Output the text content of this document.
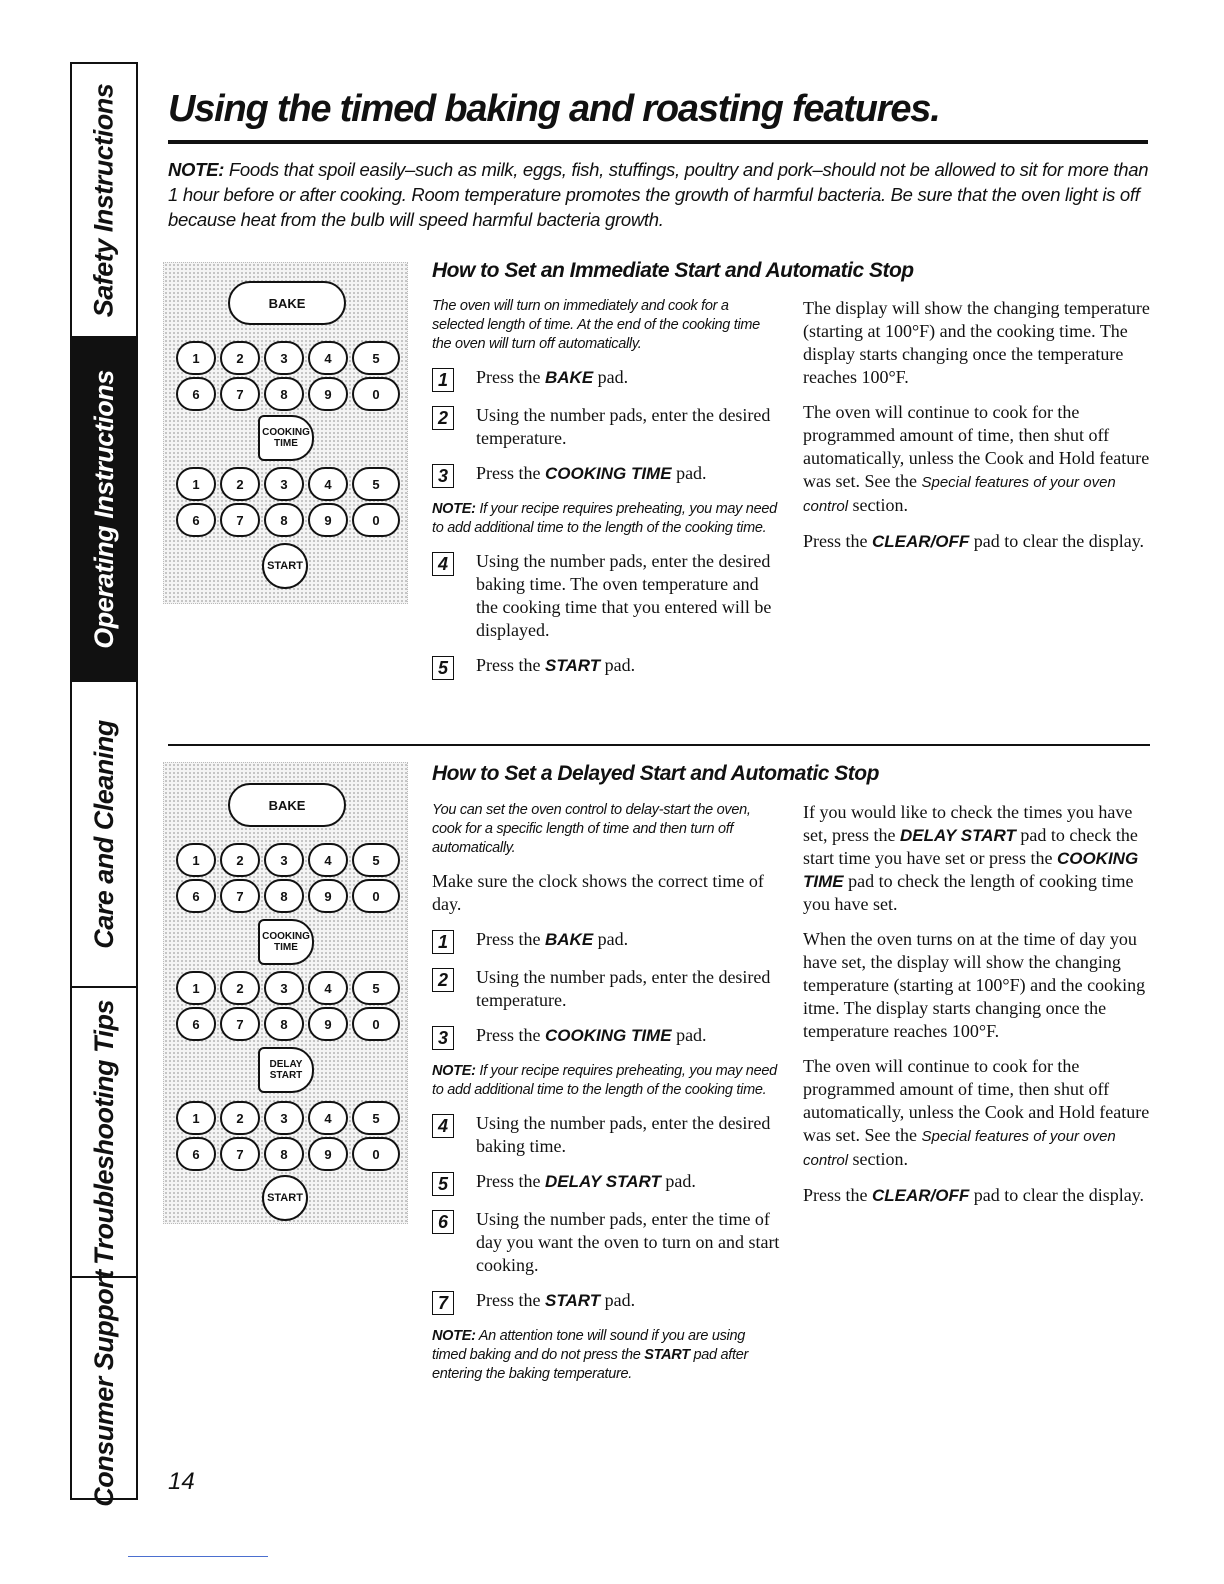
Safety Instructions
Operating Instructions
Care and Cleaning
Troubleshooting Tips
Consumer Support
Using the timed baking and roasting features.
NOTE: Foods that spoil easily–such as milk, eggs, fish, stuffings, poultry and pork–should not be allowed to sit for more than 1 hour before or after cooking. Room temperature promotes the growth of harmful bacteria. Be sure that the oven light is off because heat from the bulb will speed harmful bacteria growth.
BAKE
1	2	3	4	5
6	7	8	9	0
COOKING
TIME
1	2	3	4	5
6	7	8	9	0
START
How to Set an Immediate Start and Automatic Stop

The oven will turn on immediately and cook for a selected length of time. At the end of the cooking time the oven will turn off automatically.

1	Press the BAKE pad.
2	Using the number pads, enter the desired temperature.
3	Press the COOKING TIME pad.

NOTE: If your recipe requires preheating, you may need to add additional time to the length of the cooking time.

4	Using the number pads, enter the desired baking time. The oven temperature and the cooking time that you entered will be displayed.
5	Press the START pad.

The display will show the changing temperature (starting at 100°F) and the cooking time. The display starts changing once the temperature reaches 100°F.

The oven will continue to cook for the programmed amount of time, then shut off automatically, unless the Cook and Hold feature was set. See the Special features of your oven control section.

Press the CLEAR/OFF pad to clear the display.

BAKE
1	2	3	4	5
6	7	8	9	0
COOKING
TIME
1	2	3	4	5
6	7	8	9	0
DELAY
START
1	2	3	4	5
6	7	8	9	0
START
How to Set a Delayed Start and Automatic Stop

You can set the oven control to delay-start the oven, cook for a specific length of time and then turn off automatically.

Make sure the clock shows the correct time of day.

1	Press the BAKE pad.
2	Using the number pads, enter the desired temperature.
3	Press the COOKING TIME pad.

NOTE: If your recipe requires preheating, you may need to add additional time to the length of the cooking time.

4	Using the number pads, enter the desired baking time.
5	Press the DELAY START pad.
6	Using the number pads, enter the time of day you want the oven to turn on and start cooking.
7	Press the START pad.

NOTE: An attention tone will sound if you are using timed baking and do not press the START pad after entering the baking temperature.

If you would like to check the times you have set, press the DELAY START pad to check the start time you have set or press the COOKING TIME pad to check the length of cooking time you have set.

When the oven turns on at the time of day you have set, the display will show the changing temperature (starting at 100°F) and the cooking itme. The display starts changing once the temperature reaches 100°F.

The oven will continue to cook for the programmed amount of time, then shut off automatically, unless the Cook and Hold feature was set. See the Special features of your oven control section.

Press the CLEAR/OFF pad to clear the display.

14
